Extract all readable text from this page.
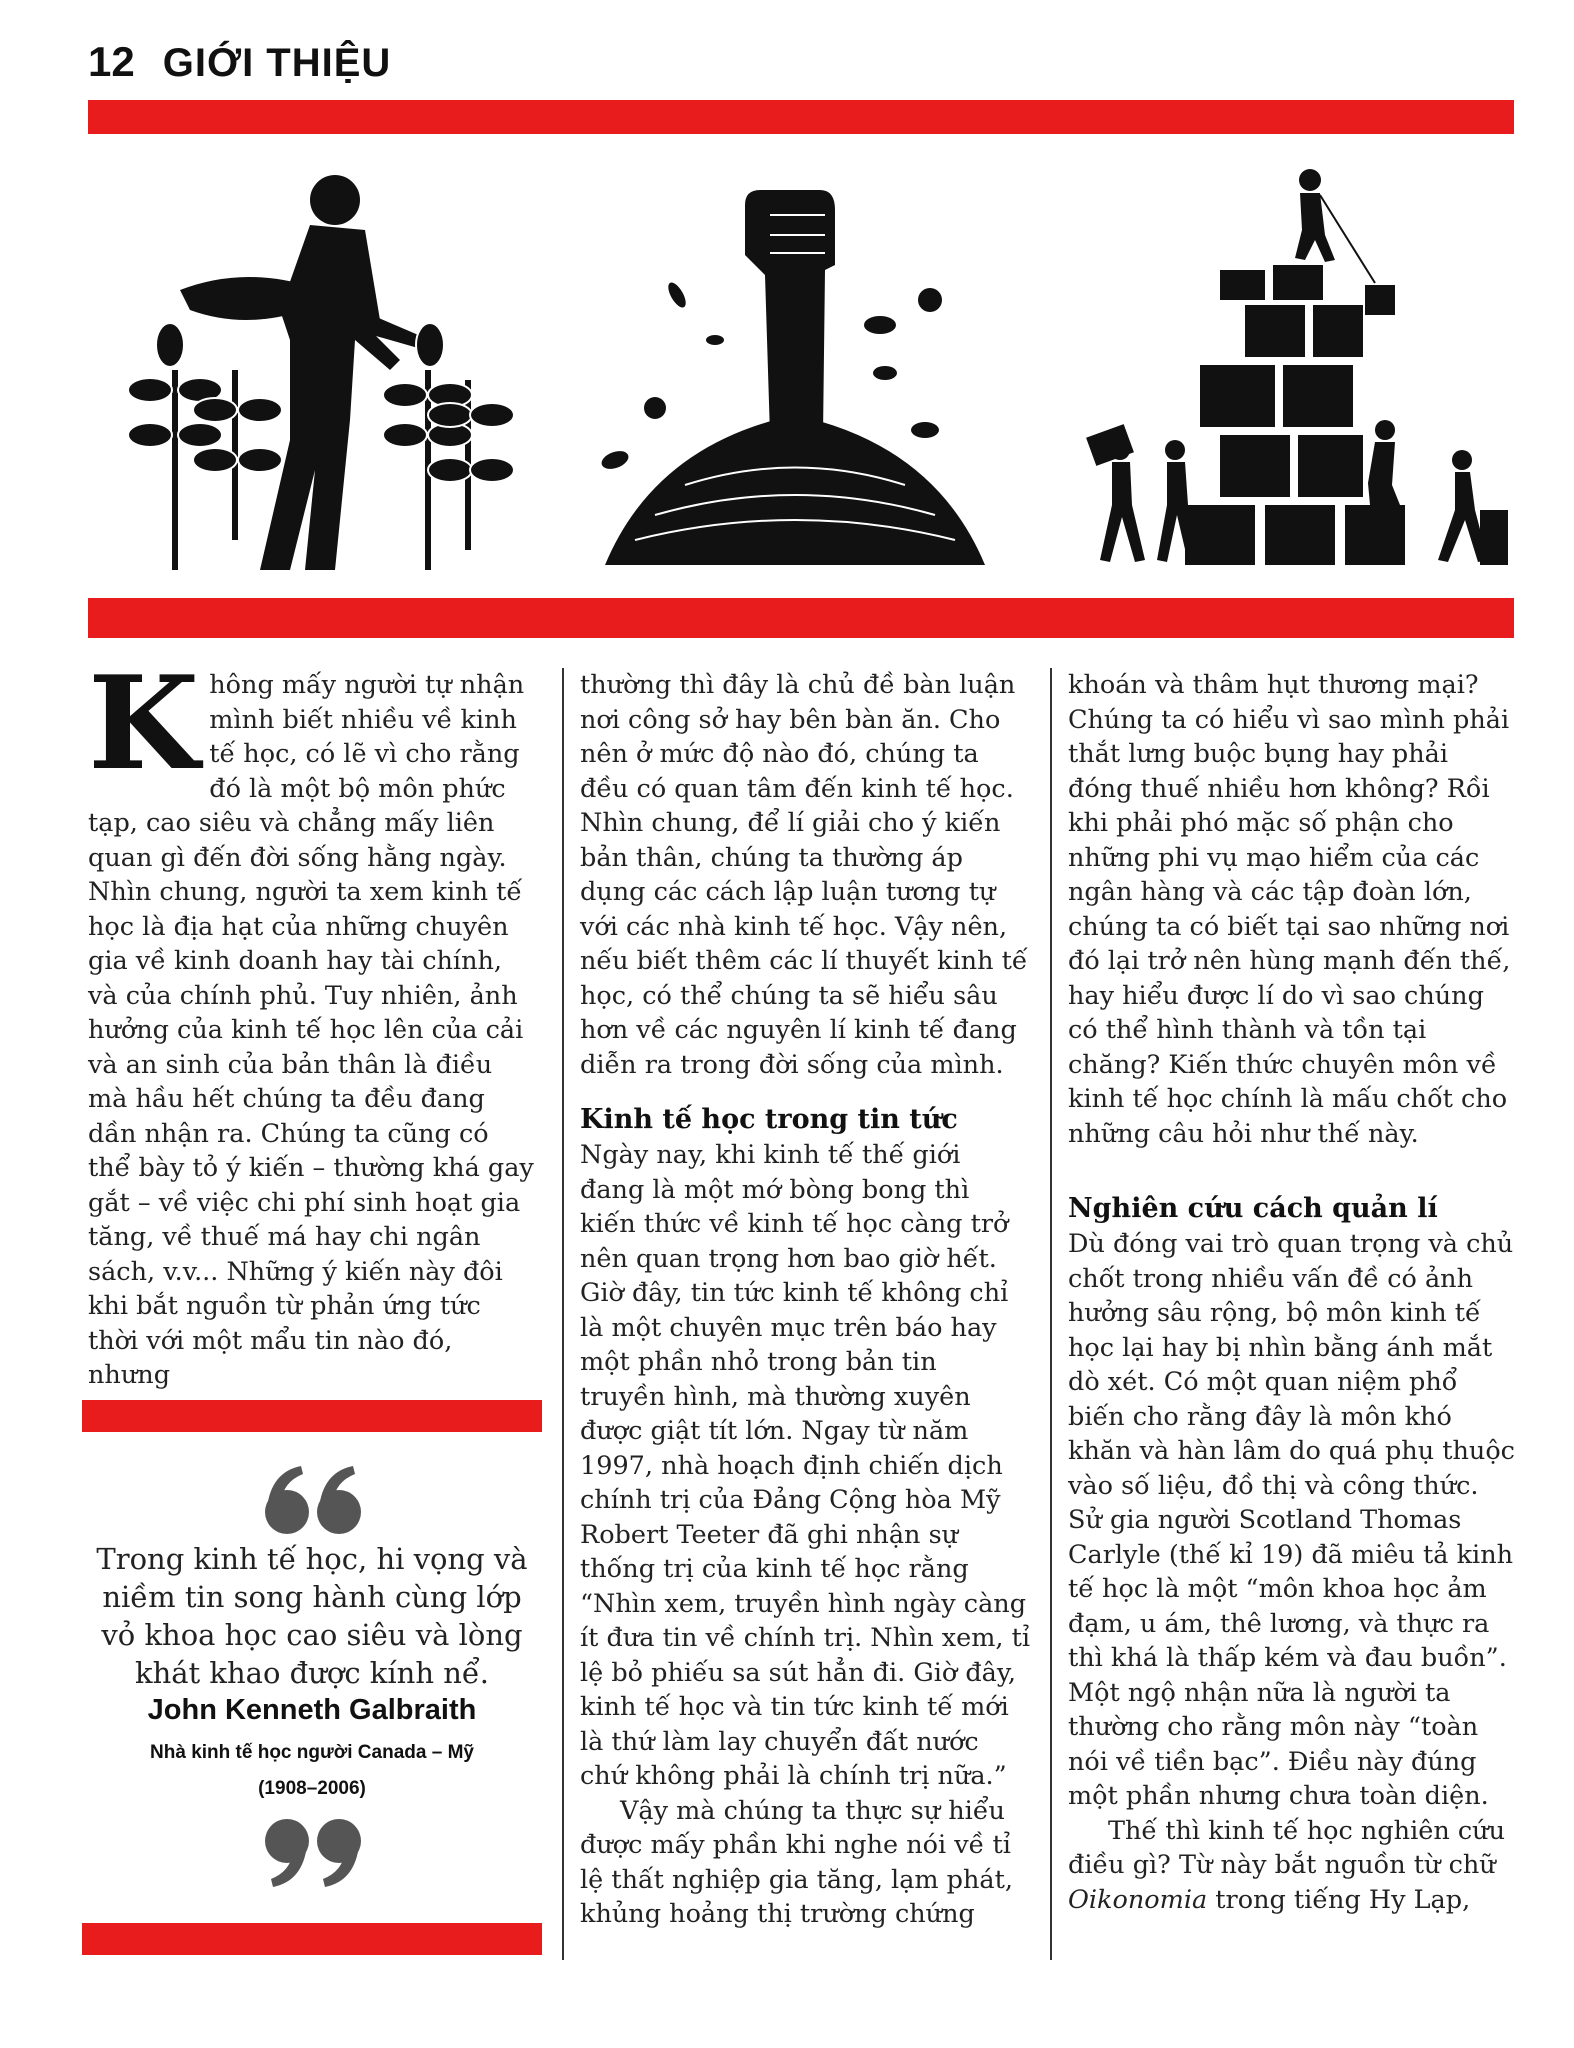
12 GIỚI THIỆU
K hông mấy người tự nhận mình biết nhiều về kinh tế học, có lẽ vì cho rằng đó là một bộ môn phức tạp, cao siêu và chẳng mấy liên quan gì đến đời sống hằng ngày. Nhìn chung, người ta xem kinh tế học là địa hạt của những chuyên gia về kinh doanh hay tài chính, và của chính phủ. Tuy nhiên, ảnh hưởng của kinh tế học lên của cải và an sinh của bản thân là điều mà hầu hết chúng ta đều đang dần nhận ra. Chúng ta cũng có thể bày tỏ ý kiến – thường khá gay gắt – về việc chi phí sinh hoạt gia tăng, về thuế má hay chi ngân sách, v.v... Những ý kiến này đôi khi bắt nguồn từ phản ứng tức thời với một mẩu tin nào đó, nhưng

Trong kinh tế học, hi vọng và niềm tin song hành cùng lớp vỏ khoa học cao siêu và lòng khát khao được kính nể.
John Kenneth Galbraith
Nhà kinh tế học người Canada – Mỹ
(1908–2006)

thường thì đây là chủ đề bàn luận nơi công sở hay bên bàn ăn. Cho nên ở mức độ nào đó, chúng ta đều có quan tâm đến kinh tế học. Nhìn chung, để lí giải cho ý kiến bản thân, chúng ta thường áp dụng các cách lập luận tương tự với các nhà kinh tế học. Vậy nên, nếu biết thêm các lí thuyết kinh tế học, có thể chúng ta sẽ hiểu sâu hơn về các nguyên lí kinh tế đang diễn ra trong đời sống của mình.

Kinh tế học trong tin tức

Ngày nay, khi kinh tế thế giới đang là một mớ bòng bong thì kiến thức về kinh tế học càng trở nên quan trọng hơn bao giờ hết. Giờ đây, tin tức kinh tế không chỉ là một chuyên mục trên báo hay một phần nhỏ trong bản tin truyền hình, mà thường xuyên được giật tít lớn. Ngay từ năm 1997, nhà hoạch định chiến dịch chính trị của Đảng Cộng hòa Mỹ Robert Teeter đã ghi nhận sự thống trị của kinh tế học rằng “Nhìn xem, truyền hình ngày càng ít đưa tin về chính trị. Nhìn xem, tỉ lệ bỏ phiếu sa sút hẳn đi. Giờ đây, kinh tế học và tin tức kinh tế mới là thứ làm lay chuyển đất nước chứ không phải là chính trị nữa.”

Vậy mà chúng ta thực sự hiểu được mấy phần khi nghe nói về tỉ lệ thất nghiệp gia tăng, lạm phát, khủng hoảng thị trường chứng

khoán và thâm hụt thương mại? Chúng ta có hiểu vì sao mình phải thắt lưng buộc bụng hay phải đóng thuế nhiều hơn không? Rồi khi phải phó mặc số phận cho những phi vụ mạo hiểm của các ngân hàng và các tập đoàn lớn, chúng ta có biết tại sao những nơi đó lại trở nên hùng mạnh đến thế, hay hiểu được lí do vì sao chúng có thể hình thành và tồn tại chăng? Kiến thức chuyên môn về kinh tế học chính là mấu chốt cho những câu hỏi như thế này.

Nghiên cứu cách quản lí

Dù đóng vai trò quan trọng và chủ chốt trong nhiều vấn đề có ảnh hưởng sâu rộng, bộ môn kinh tế học lại hay bị nhìn bằng ánh mắt dò xét. Có một quan niệm phổ biến cho rằng đây là môn khó khăn và hàn lâm do quá phụ thuộc vào số liệu, đồ thị và công thức. Sử gia người Scotland Thomas Carlyle (thế kỉ 19) đã miêu tả kinh tế học là một “môn khoa học ảm đạm, u ám, thê lương, và thực ra thì khá là thấp kém và đau buồn”. Một ngộ nhận nữa là người ta thường cho rằng môn này “toàn nói về tiền bạc”. Điều này đúng một phần nhưng chưa toàn diện.

Thế thì kinh tế học nghiên cứu điều gì? Từ này bắt nguồn từ chữ Oikonomia trong tiếng Hy Lạp,
